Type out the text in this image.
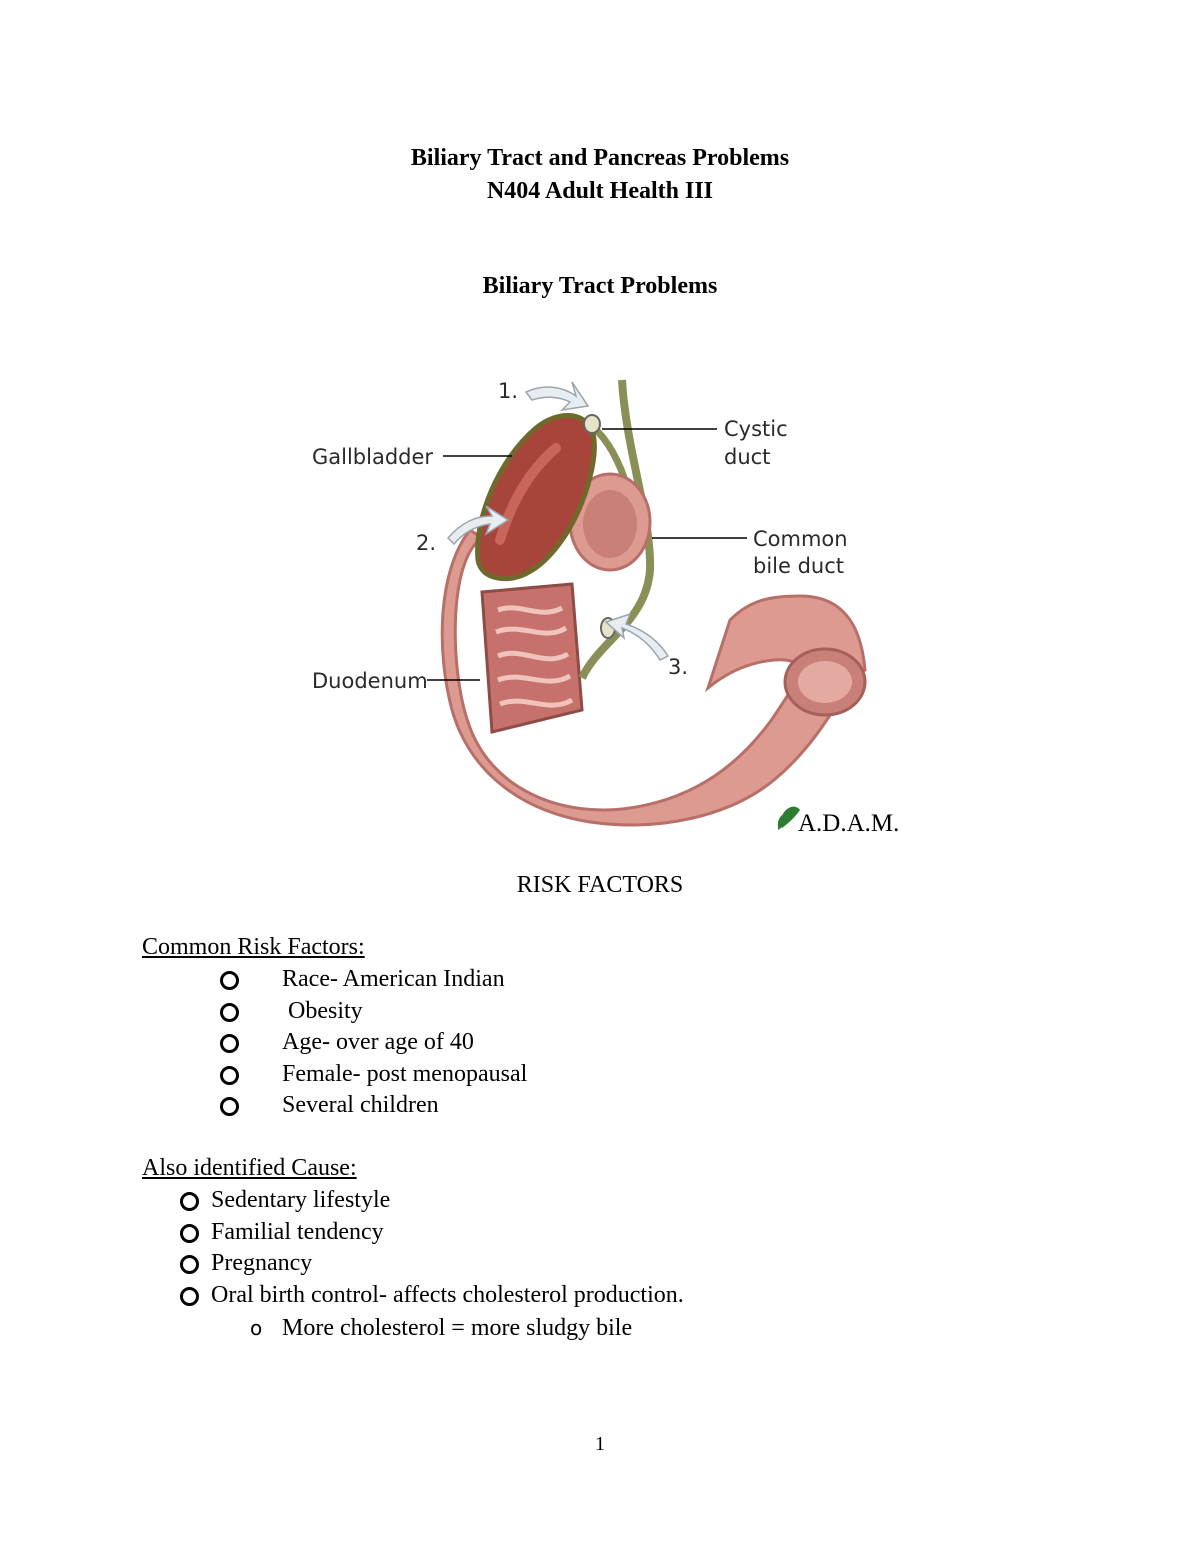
Biliary Tract and Pancreas Problems
N404 Adult Health III
Biliary Tract Problems
1.
2.
3.
Gallbladder
Cystic
duct
Common
bile duct
Duodenum
A.D.A.M.
RISK FACTORS
Common Risk Factors:
Race- American Indian
Obesity
Age- over age of 40
Female- post menopausal
Several children
Also identified Cause:
Sedentary lifestyle
Familial tendency
Pregnancy
Oral birth control- affects cholesterol production.
o More cholesterol = more sludgy bile
1
